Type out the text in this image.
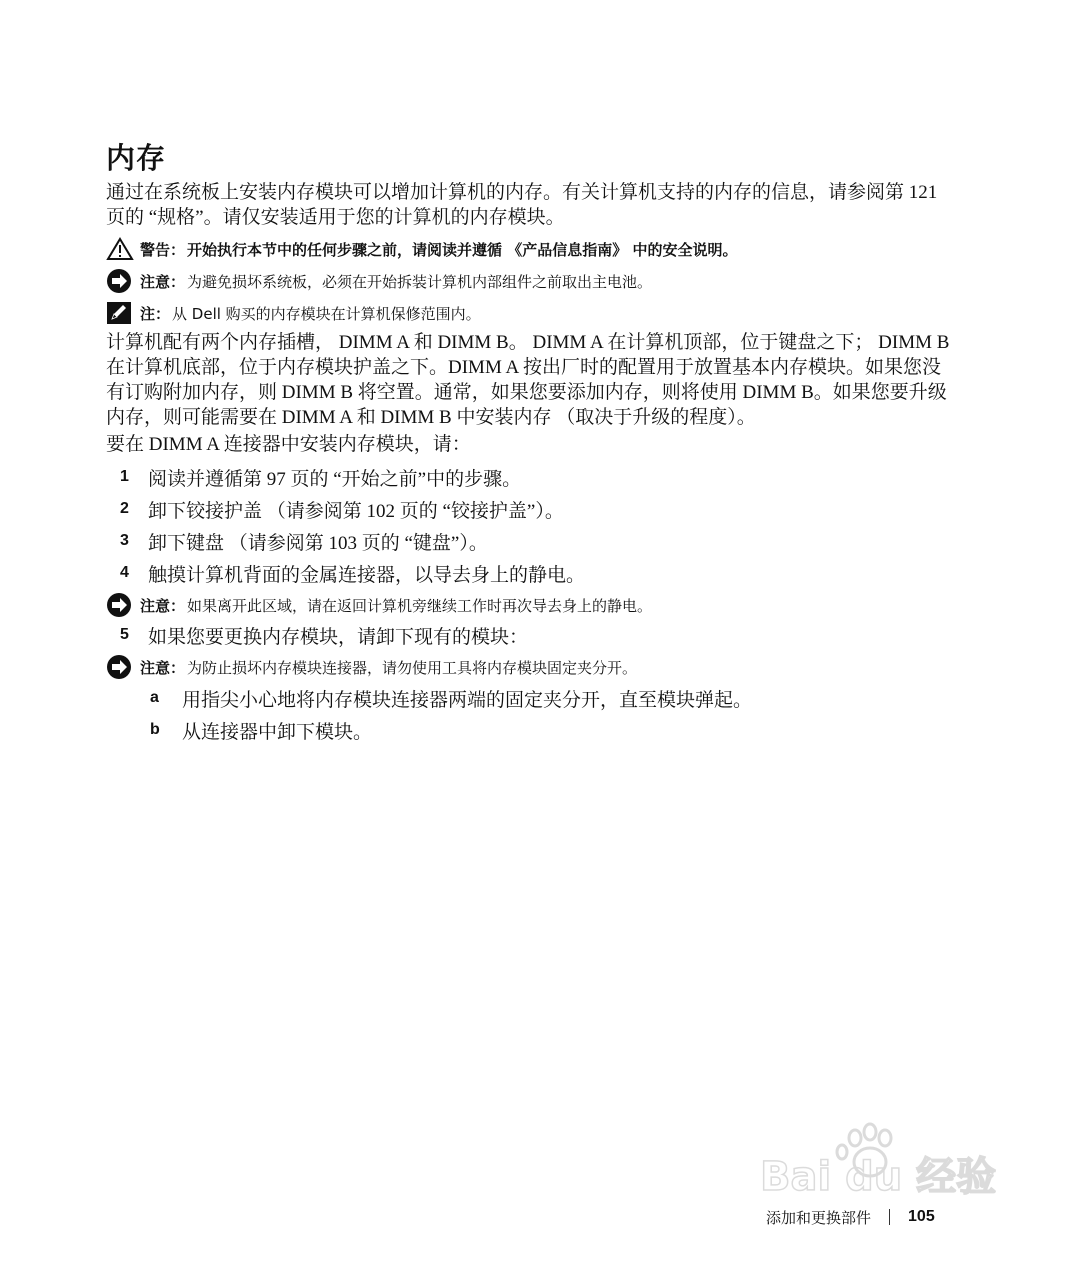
内存
通过在系统板上安装内存模块可以增加计算机的内存。有关计算机支持的内存的信息，请参阅第 121 页的 “规格”。请仅安装适用于您的计算机的内存模块。
警告： 开始执行本节中的任何步骤之前，请阅读并遵循 《产品信息指南》 中的安全说明。
注意： 为避免损坏系统板，必须在开始拆装计算机内部组件之前取出主电池。
注： 从 Dell 购买的内存模块在计算机保修范围内。
计算机配有两个内存插槽， DIMM A 和 DIMM B。 DIMM A 在计算机顶部，位于键盘之下； DIMM B 在计算机底部，位于内存模块护盖之下。DIMM A 按出厂时的配置用于放置基本内存模块。如果您没有订购附加内存，则 DIMM B 将空置。通常，如果您要添加内存，则将使用 DIMM B。如果您要升级内存，则可能需要在 DIMM A 和 DIMM B 中安装内存 （取决于升级的程度）。
要在 DIMM A 连接器中安装内存模块，请：
1	阅读并遵循第 97 页的 “开始之前”中的步骤。
2	卸下铰接护盖 （请参阅第 102 页的 “铰接护盖”）。
3	卸下键盘 （请参阅第 103 页的 “键盘”）。
4	触摸计算机背面的金属连接器，以导去身上的静电。
注意： 如果离开此区域，请在返回计算机旁继续工作时再次导去身上的静电。
5	如果您要更换内存模块，请卸下现有的模块：
注意： 为防止损坏内存模块连接器，请勿使用工具将内存模块固定夹分开。
a	用指尖小心地将内存模块连接器两端的固定夹分开，直至模块弹起。
b	从连接器中卸下模块。
Bai du 经验
添加和更换部件 105
